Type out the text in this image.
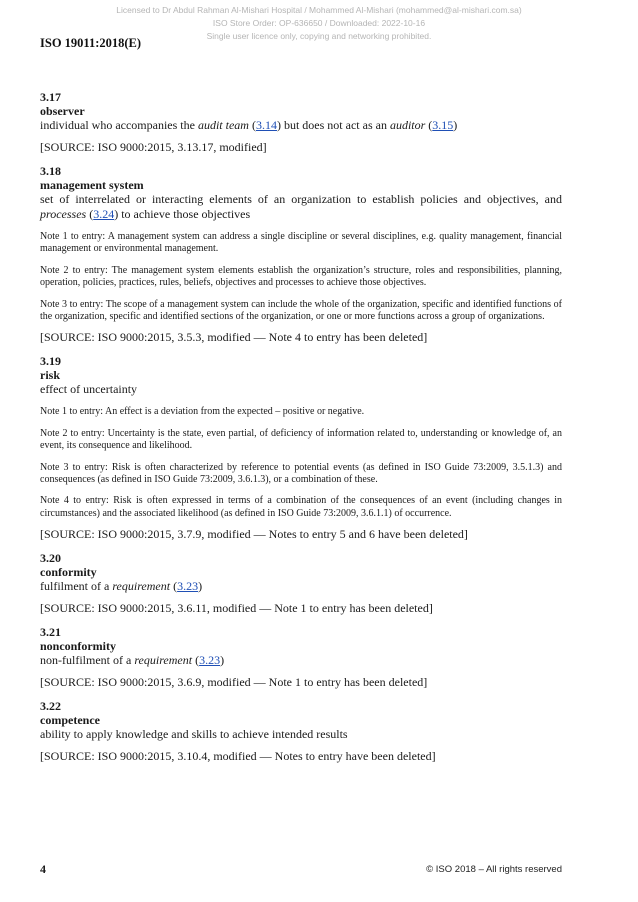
Licensed to Dr Abdul Rahman Al-Mishari Hospital / Mohammed Al-Mishari (mohammed@al-mishari.com.sa)
ISO Store Order: OP-636650 / Downloaded: 2022-10-16
Single user licence only, copying and networking prohibited.
ISO 19011:2018(E)
3.17
observer
individual who accompanies the audit team (3.14) but does not act as an auditor (3.15)
[SOURCE: ISO 9000:2015, 3.13.17, modified]
3.18
management system
set of interrelated or interacting elements of an organization to establish policies and objectives, and processes (3.24) to achieve those objectives
Note 1 to entry: A management system can address a single discipline or several disciplines, e.g. quality management, financial management or environmental management.
Note 2 to entry: The management system elements establish the organization’s structure, roles and responsibilities, planning, operation, policies, practices, rules, beliefs, objectives and processes to achieve those objectives.
Note 3 to entry: The scope of a management system can include the whole of the organization, specific and identified functions of the organization, specific and identified sections of the organization, or one or more functions across a group of organizations.
[SOURCE: ISO 9000:2015, 3.5.3, modified — Note 4 to entry has been deleted]
3.19
risk
effect of uncertainty
Note 1 to entry: An effect is a deviation from the expected – positive or negative.
Note 2 to entry: Uncertainty is the state, even partial, of deficiency of information related to, understanding or knowledge of, an event, its consequence and likelihood.
Note 3 to entry: Risk is often characterized by reference to potential events (as defined in ISO Guide 73:2009, 3.5.1.3) and consequences (as defined in ISO Guide 73:2009, 3.6.1.3), or a combination of these.
Note 4 to entry: Risk is often expressed in terms of a combination of the consequences of an event (including changes in circumstances) and the associated likelihood (as defined in ISO Guide 73:2009, 3.6.1.1) of occurrence.
[SOURCE: ISO 9000:2015, 3.7.9, modified — Notes to entry 5 and 6 have been deleted]
3.20
conformity
fulfilment of a requirement (3.23)
[SOURCE: ISO 9000:2015, 3.6.11, modified — Note 1 to entry has been deleted]
3.21
nonconformity
non-fulfilment of a requirement (3.23)
[SOURCE: ISO 9000:2015, 3.6.9, modified — Note 1 to entry has been deleted]
3.22
competence
ability to apply knowledge and skills to achieve intended results
[SOURCE: ISO 9000:2015, 3.10.4, modified — Notes to entry have been deleted]
4	© ISO 2018 – All rights reserved
